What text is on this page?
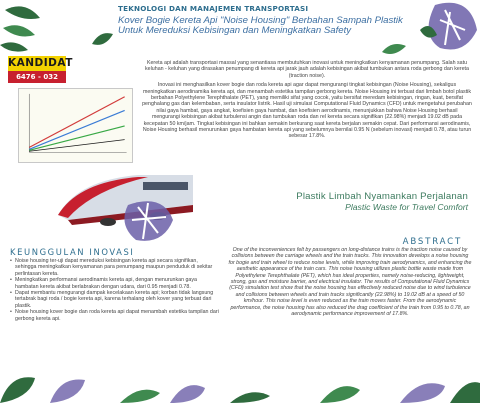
TEKNOLOGI DAN MANAJEMEN TRANSPORTASI
Kover Bogie Kereta Api "Noise Housing" Berbahan Sampah Plastik Untuk Mereduksi Kebisingan dan Meningkatkan Safety
KANDIDAT
6476 - 032

Kereta api adalah transportasi massal yang senantiasa membutuhkan inovasi untuk meningkatkan kenyamanan penumpang. Salah satu keluhan - keluhan yang dirasakan penumpang di kereta api jarak jauh adalah kebisingan akibat tumbukan antara roda gerbong dan kereta (traction noise).

Inovasi ini menghasilkan kover bogie dan roda kereta api agar dapat mengurangi tingkat kebisingan (Noise Housing), sekaligus meningkatkan aerodinamika kereta api, dan menambah estetika tampilan gerbong kereta. Noise Housing ini terbuat dari limbah botol plastik berbahan Polyethylene Terephthalate (PET), yang memiliki sifat yang cocok, yaitu bersifat meredam kebisingan, ringan, kuat, bersifat penghalang gas dan kelembaban, serta insulator listrik. Hasil uji simulasi Computational Fluid Dynamics (CFD) untuk mengetahui perubahan nilai gaya hambat, gaya angkat, koefisien gaya hambat, dan koefisien aerodinamis, menunjukkan bahwa Noise Housing berhasil mengurangi kebisingan akibat turbulensi angin dan tumbukan roda dan rel kereta secara signifikan (22.98%) menjadi 19.02 dB pada kecepatan 50 km/jam. Tingkat kebisingan ini bahkan semakin berkurang saat kereta berjalan semakin cepat. Dari performansi aerodinamis, Noise Housing berhasil menurunkan gaya hambatan kereta api yang sebelumnya bernilai 0.95 N (sebelum inovasi) menjadi 0.78, atau turun sebesar 17.8%.

Plastik Limbah Nyamankan Perjalanan
Plastic Waste for Travel Comfort
ABSTRACT
One of the inconveniences felt by passengers on long-distance trains is the traction noise caused by collisions between the carriage wheels and the train tracks. This innovation develops a noise housing for bogie and train wheel to reduce noise levels, while improving train aerodynamics, and enhancing the aesthetic appearance of the train cars. This noise housing utilizes plastic bottle waste made from Polyethylene Terephthalate (PET), which has ideal properties, namely noise-reducing, lightweight, strong, gas and moisture barrier, and electrical insulator. The results of Computational Fluid Dynamics (CFD) simulation test show that the noise housing has effectively reduced noise due to wind turbulence and collisions between wheels and train tracks significantly (22.98%) to 19.02 dB at a speed of 50 km/hour. This noise level is even reduced as the train moves faster. From the aerodynamic performance, the noise housing has also reduced the drag coefficient of the train from 0.95 to 0.78, an aerodynamic performance improvement of 17.8%.
KEUNGGULAN INOVASI
• Noise housing ter-uji dapat mereduksi kebisingan kereta api secara signifikan, sehingga meningkatkan kenyamanan para penumpang maupun penduduk di sekitar perlintasan kereta.
• Meningkatkan performansi aerodinamis kereta api, dengan menurunkan gaya hambatan kereta akibat berlabrakan dengan udara, dari 0.95 menjadi 0.78.
• Dapat membantu mengurangi dampak kecelakaan kereta api; korban tidak langsung tertabrak bagi roda / bogie kereta api, karena terhalang oleh kover yang terbuat dari plastik.
• Noise housing kover bogie dan roda kereta api dapat menambah estetika tampilan dari gerbong kereta api.
